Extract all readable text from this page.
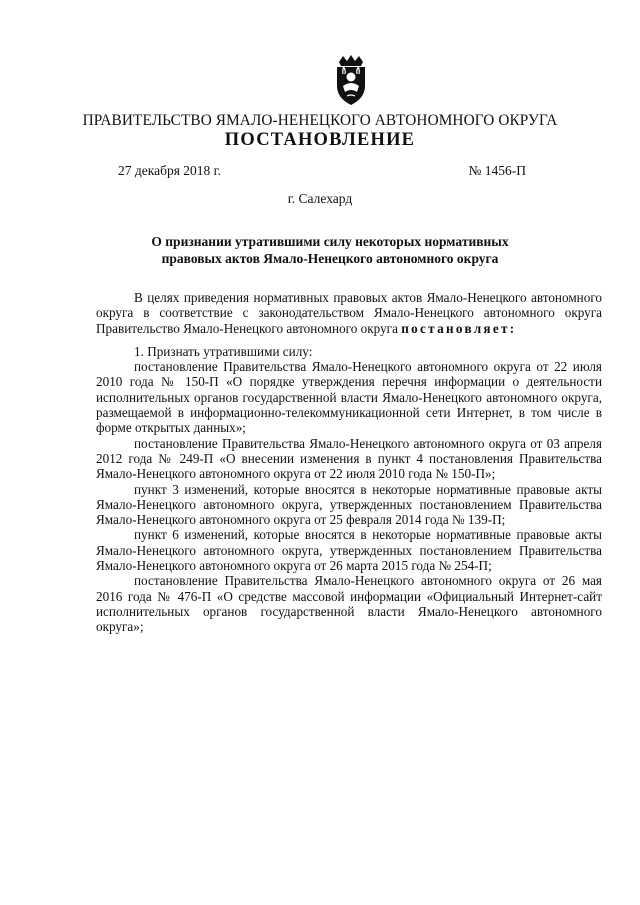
ПРАВИТЕЛЬСТВО ЯМАЛО-НЕНЕЦКОГО АВТОНОМНОГО ОКРУГА
ПОСТАНОВЛЕНИЕ
27 декабря 2018 г.	№ 1456-П
г. Салехард
О признании утратившими силу некоторых нормативных правовых актов Ямало-Ненецкого автономного округа

В целях приведения нормативных правовых актов Ямало-Ненецкого автономного округа в соответствие с законодательством Ямало-Ненецкого автономного округа Правительство Ямало-Ненецкого автономного округа постановляет:

1. Признать утратившими силу:

постановление Правительства Ямало-Ненецкого автономного округа от 22 июля 2010 года № 150-П «О порядке утверждения перечня информации о деятельности исполнительных органов государственной власти Ямало-Ненецкого автономного округа, размещаемой в информационно-телекоммуникационной сети Интернет, в том числе в форме открытых данных»;

постановление Правительства Ямало-Ненецкого автономного округа от 03 апреля 2012 года № 249-П «О внесении изменения в пункт 4 постановления Правительства Ямало-Ненецкого автономного округа от 22 июля 2010 года № 150-П»;

пункт 3 изменений, которые вносятся в некоторые нормативные правовые акты Ямало-Ненецкого автономного округа, утвержденных постановлением Правительства Ямало-Ненецкого автономного округа от 25 февраля 2014 года № 139-П;

пункт 6 изменений, которые вносятся в некоторые нормативные правовые акты Ямало-Ненецкого автономного округа, утвержденных постановлением Правительства Ямало-Ненецкого автономного округа от 26 марта 2015 года № 254-П;

постановление Правительства Ямало-Ненецкого автономного округа от 26 мая 2016 года № 476-П «О средстве массовой информации «Официальный Интернет-сайт исполнительных органов государственной власти Ямало-Ненецкого автономного округа»;
